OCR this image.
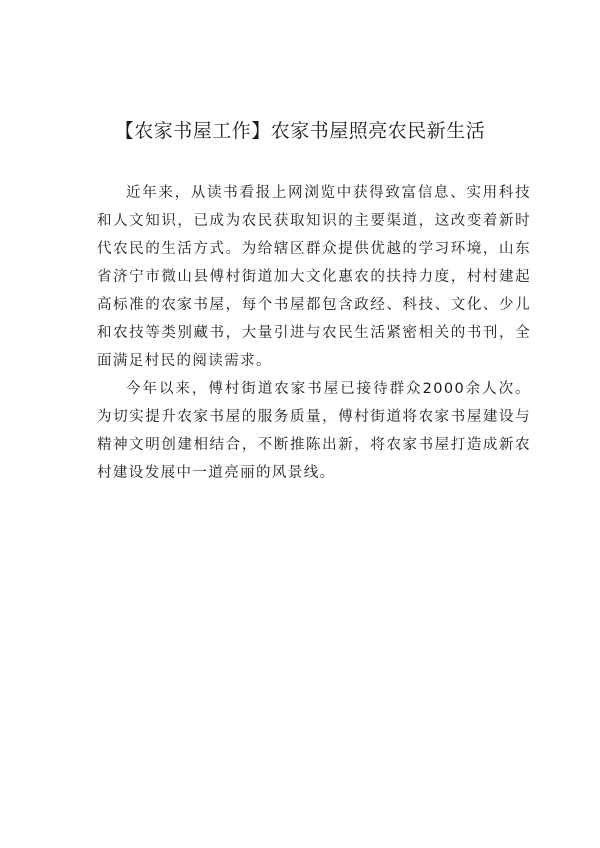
【农家书屋工作】农家书屋照亮农民新生活

近年来，从读书看报上网浏览中获得致富信息、实用科技和人文知识，已成为农民获取知识的主要渠道，这改变着新时代农民的生活方式。为给辖区群众提供优越的学习环境，山东省济宁市微山县傅村街道加大文化惠农的扶持力度，村村建起高标准的农家书屋，每个书屋都包含政经、科技、文化、少儿和农技等类别藏书，大量引进与农民生活紧密相关的书刊，全面满足村民的阅读需求。

今年以来，傅村街道农家书屋已接待群众2000余人次。为切实提升农家书屋的服务质量，傅村街道将农家书屋建设与精神文明创建相结合，不断推陈出新，将农家书屋打造成新农村建设发展中一道亮丽的风景线。
